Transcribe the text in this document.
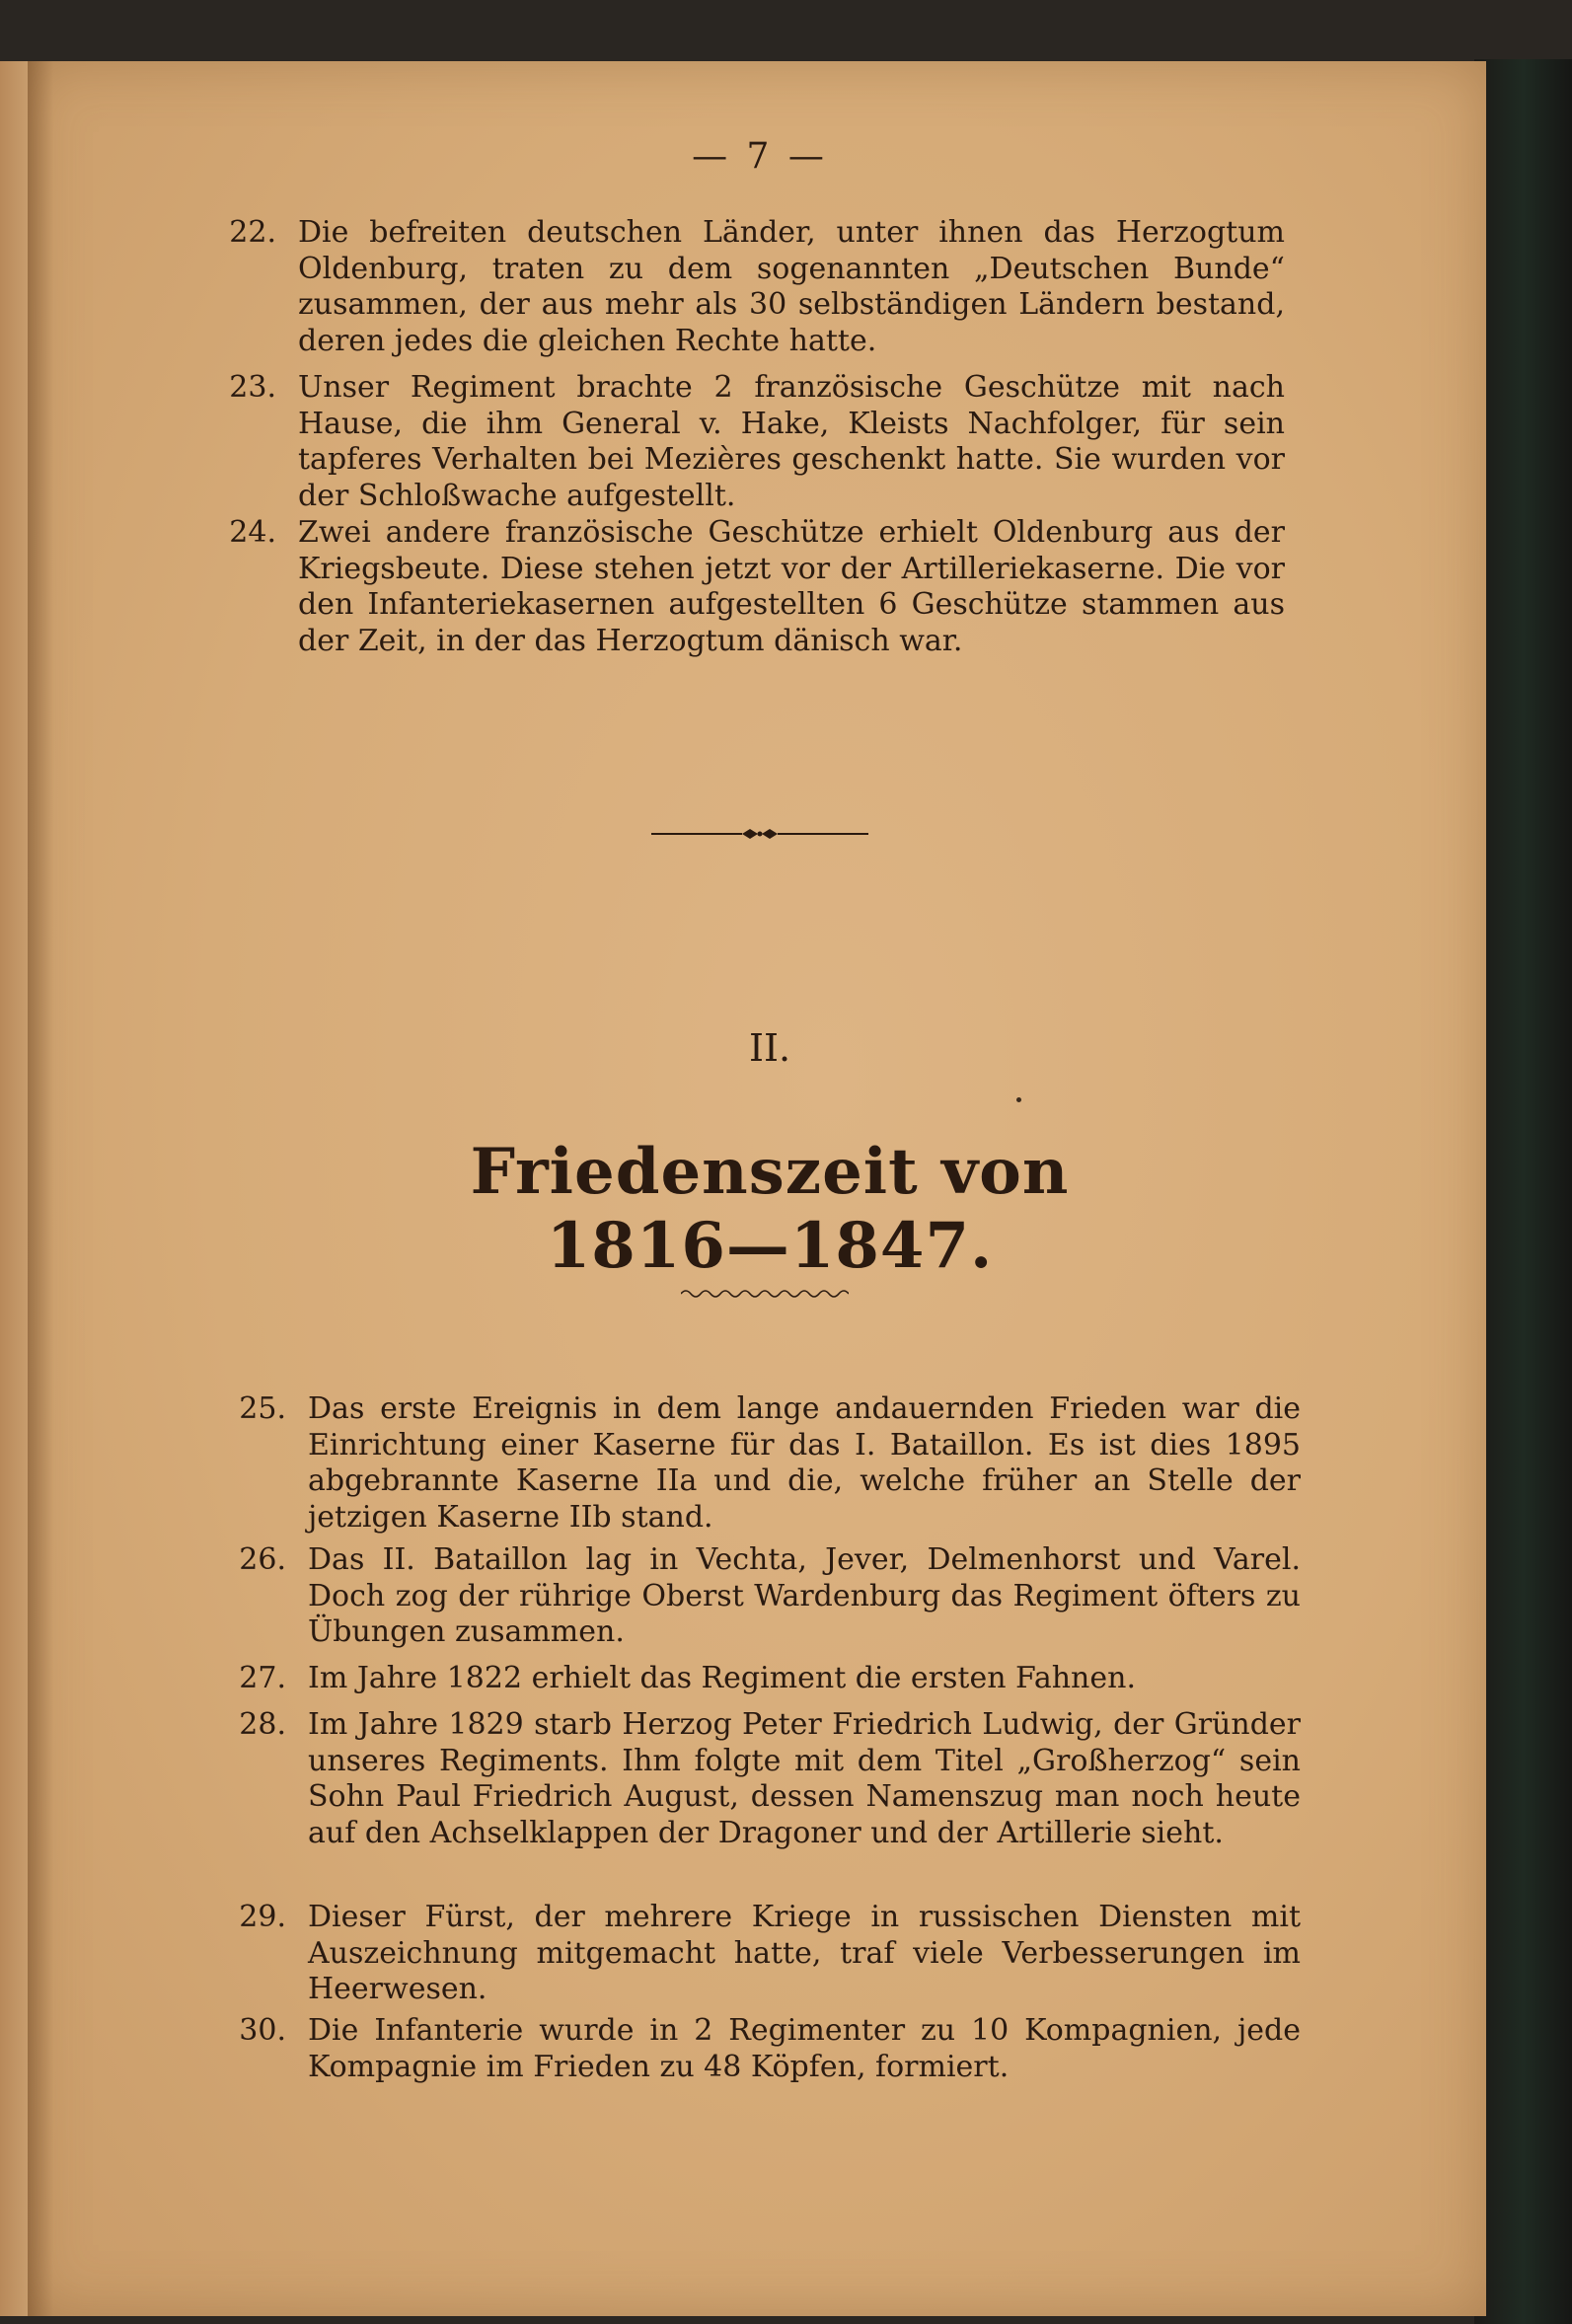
— 7 —
22. Die befreiten deutschen Länder, unter ihnen das Herzogtum Oldenburg, traten zu dem sogenannten „Deutschen Bunde“ zusammen, der aus mehr als 30 selbständigen Ländern bestand, deren jedes die gleichen Rechte hatte.
23. Unser Regiment brachte 2 französische Geschütze mit nach Hause, die ihm General v. Hake, Kleists Nachfolger, für sein tapferes Verhalten bei Mezières geschenkt hatte. Sie wurden vor der Schloßwache aufgestellt.
24. Zwei andere französische Geschütze erhielt Oldenburg aus der Kriegsbeute. Diese stehen jetzt vor der Artilleriekaserne. Die vor den Infanteriekasernen aufgestellten 6 Geschütze stammen aus der Zeit, in der das Herzogtum dänisch war.
II.
Friedenszeit von 1816—1847.
25. Das erste Ereignis in dem lange andauernden Frieden war die Einrichtung einer Kaserne für das I. Bataillon. Es ist dies 1895 abgebrannte Kaserne IIa und die, welche früher an Stelle der jetzigen Kaserne IIb stand.
26. Das II. Bataillon lag in Vechta, Jever, Delmenhorst und Varel. Doch zog der rührige Oberst Wardenburg das Regiment öfters zu Übungen zusammen.
27. Im Jahre 1822 erhielt das Regiment die ersten Fahnen.
28. Im Jahre 1829 starb Herzog Peter Friedrich Ludwig, der Gründer unseres Regiments. Ihm folgte mit dem Titel „Großherzog“ sein Sohn Paul Friedrich August, dessen Namenszug man noch heute auf den Achselklappen der Dragoner und der Artillerie sieht.
29. Dieser Fürst, der mehrere Kriege in russischen Diensten mit Auszeichnung mitgemacht hatte, traf viele Verbesserungen im Heerwesen.
30. Die Infanterie wurde in 2 Regimenter zu 10 Kompagnien, jede Kompagnie im Frieden zu 48 Köpfen, formiert.
